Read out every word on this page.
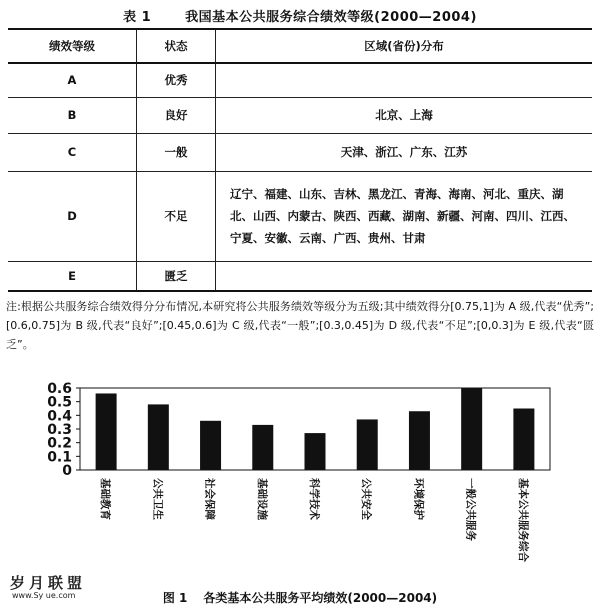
表 1	我国基本公共服务综合绩效等级(2000—2004)
绩效等级	状态	区域(省份)分布
A	优秀	
B	良好	北京、上海
C	一般	天津、浙江、广东、江苏
D	不足	辽宁、福建、山东、吉林、黑龙江、青海、海南、河北、重庆、湖北、山西、内蒙古、陕西、西藏、湖南、新疆、河南、四川、江西、宁夏、安徽、云南、广西、贵州、甘肃
E	匮乏	
注:根据公共服务综合绩效得分分布情况,本研究将公共服务绩效等级分为五级;其中绩效得分[0.75,1]为 A 级,代表“优秀”;[0.6,0.75]为 B 级,代表“良好”;[0.45,0.6]为 C 级,代表“一般”;[0.3,0.45]为 D 级,代表“不足”;[0,0.3]为 E 级,代表“匮乏”。
0.6
0.5
0.4
0.3
0.2
0.1
0
基础教育	公共卫生	社会保障	基础设施	科学技术	公共安全	环境保护	一般公共服务	基本公共服务综合
岁月联盟
www.Sy ue.com	图 1 各类基本公共服务平均绩效(2000—2004)
